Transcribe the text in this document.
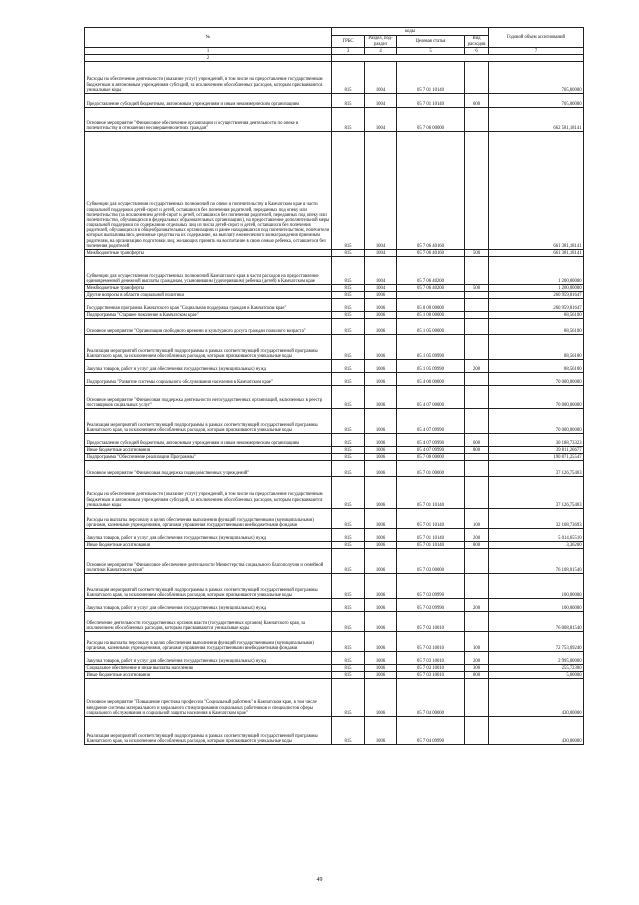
№	коды				Годовой объем ассигнований
	ГРБС	Раздел, под-раздел	Целевая статья	Вид расходов	
1	3	4	5	6	7
2					
Расходы на обеспечение деятельности (оказание услуг) учреждений, в том числе на предоставление государственным бюджетным и автономным учреждениям субсидий, за исключением обособленных расходов, которым присваиваются уникальные коды	815	1004	05 7 01 10140		705,00000
Предоставление субсидий бюджетным, автономным учреждениям и иным некоммерческим организациям	815	1004	05 7 01 10140	600	705,00000
Основное мероприятие "Финансовое обеспечение организации и осуществления деятельности по опеке и попечительству в отношении несовершеннолетних граждан"	815	1004	05 7 06 00000		662 581,18141
Субвенции для осуществления государственных полномочий по опеке и попечительству в Камчатском крае в части социальной поддержки детей-сирот и детей, оставшихся без попечения родителей, переданных под опеку или попечительство (за исключением детей-сирот и детей, оставшихся без попечения родителей, переданных под опеку или попечительство, обучающихся в федеральных образовательных организациях), на предоставление дополнительной меры социальной поддержки по содержанию отдельных лиц из числа детей-сирот и детей, оставшихся без попечения родителей, обучающихся в общеобразовательных организациях и ранее находившихся под попечительством, попечители которых выплачивались денежные средства на их содержание, на выплату ежемесячного вознаграждения приемным родителям, на организацию подготовки лиц, желающих принять на воспитание в свою семью ребенка, оставшегося без попечения родителей	815	1004	05 7 06 40160		661 381,18141
Межбюджетные трансферты	815	1004	05 7 06 40160	500	661 381,18141
Субвенции для осуществления государственных полномочий Камчатского края в части расходов на предоставление единовременной денежной выплаты гражданам, усыновившим (удочерившим) ребенка (детей) в Камчатском крае	815	1004	05 7 06 40200		1 200,00000
Межбюджетные трансферты	815	1004	05 7 06 40200	500	1 200,00000
Другие вопросы в области социальной политики	815	1006			260 959,81647
Государственная программа Камчатского края "Социальная поддержка граждан в Камчатском крае"	815	1006	05 0 00 00000		260 959,81647
Подпрограмма "Старшее поколение в Камчатском крае"	815	1006	05 1 00 00000		88,56100
Основное мероприятие "Организация свободного времени и культурного досуга граждан пожилого возраста"	815	1006	05 1 05 00000		88,56100
Реализация мероприятий соответствующей подпрограммы в рамках соответствующей государственной программы Камчатского края, за исключением обособленных расходов, которым присваиваются уникальные коды	815	1006	05 1 05 09990		88,56100
Закупка товаров, работ и услуг для обеспечения государственных (муниципальных) нужд	815	1006	05 1 05 09990	200	88,56100
Подпрограмма "Развитие системы социального обслуживания населения в Камчатском крае"	815	1006	05 4 00 00000		70 000,00000
Основное мероприятие "Финансовая поддержка деятельности негосударственных организаций, включенных в реестр поставщиков социальных услуг"	815	1006	05 4 07 00000		70 000,00000
Реализация мероприятий соответствующей подпрограммы в рамках соответствующей государственной программы Камчатского края, за исключением обособленных расходов, которым присваиваются уникальные коды	815	1006	05 4 07 09990		70 000,00000
Предоставление субсидий бюджетным, автономным учреждениям и иным некоммерческим организациям	815	1006	05 4 07 09990	600	30 188,73323
Иные бюджетные ассигнования	815	1006	05 4 07 09990	800	39 811,26677
Подпрограмма "Обеспечение реализации Программы"	815	1006	05 7 00 00000		190 871,25547
Основное мероприятие "Финансовая поддержка подведомственных учреждений"	815	1006	05 7 01 00000		37 126,75403
Расходы на обеспечение деятельности (оказание услуг) учреждений, в том числе на предоставление государственным бюджетным и автономным учреждениям субсидий, за исключением обособленных расходов, которым присваиваются уникальные коды	815	1006	05 7 01 10140		37 126,75403
Расходы на выплаты персоналу в целях обеспечения выполнения функций государственными (муниципальными) органами, казенными учреждениями, органами управления государственными внебюджетными фондами	815	1006	05 7 01 10140	100	32 108,73693
Закупка товаров, работ и услуг для обеспечения государственных (муниципальных) нужд	815	1006	05 7 01 10140	200	5 014,65510
Иные бюджетные ассигнования	815	1006	05 7 01 10140	800	3,36200
Основное мероприятие "Финансовое обеспечение деятельности Министерства социального благополучия и семейной политики Камчатского края"	815	1006	05 7 03 00000		76 108,81540
Реализация мероприятий соответствующей подпрограммы в рамках соответствующей государственной программы Камчатского края, за исключением обособленных расходов, которым присваиваются уникальные коды	815	1006	05 7 03 09990		100,00000
Закупка товаров, работ и услуг для обеспечения государственных (муниципальных) нужд	815	1006	05 7 03 09990	200	100,00000
Обеспечение деятельности государственных органов власти (государственных органов) Камчатского края, за исключением обособленных расходов, которым присваиваются уникальные коды	815	1006	05 7 03 10010		76 008,81540
Расходы на выплаты персоналу в целях обеспечения выполнения функций государственными (муниципальными) органами, казенными учреждениями, органами управления государственными внебюджетными фондами	815	1006	05 7 03 10010	100	72 753,09240
Закупка товаров, работ и услуг для обеспечения государственных (муниципальных) нужд	815	1006	05 7 03 10010	200	2 995,00000
Социальное обеспечение и иные выплаты населению	815	1006	05 7 03 10010	300	255,72300
Иные бюджетные ассигнования	815	1006	05 7 03 10010	800	5,00000
Основное мероприятие "Повышение престижа профессии "Социальный работник" в Камчатском крае, в том числе внедрение системы материального и морального стимулирования социальных работников и специалистов сферы социального обслуживания и социальной защиты населения в Камчатском крае"	815	1006	05 7 04 00000		430,00000
Реализация мероприятий соответствующей подпрограммы в рамках соответствующей государственной программы Камчатского края, за исключением обособленных расходов, которым присваиваются уникальные коды	815	1006	05 7 04 09990		430,00000
49
